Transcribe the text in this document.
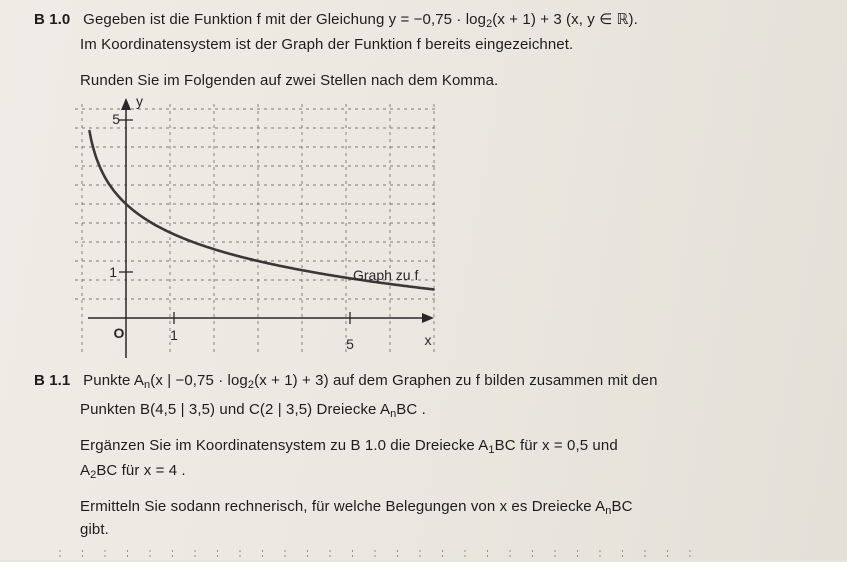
B 1.0 Gegeben ist die Funktion f mit der Gleichung $y = -0,75 \cdot \log_2(x + 1) + 3$ (x, y ∈ ℝ).
Im Koordinatensystem ist der Graph der Funktion f bereits eingezeichnet.
Runden Sie im Folgenden auf zwei Stellen nach dem Komma.
y
5
1
O	1
5	x
Graph zu f
B 1.1 Punkte $A_n(x$ | $-0,75 \cdot \log_2(x + 1) + 3$) auf dem Graphen zu f bilden zusammen mit den
Punkten B(4,5 | 3,5) und C(2 | 3,5) Dreiecke $A_nBC$ .
Ergänzen Sie im Koordinatensystem zu B 1.0 die Dreiecke $A_1BC$ für x = 0,5 und
$A_2BC$ für x = 4 .
Ermitteln Sie sodann rechnerisch, für welche Belegungen von x es Dreiecke $A_nBC$
gibt.
